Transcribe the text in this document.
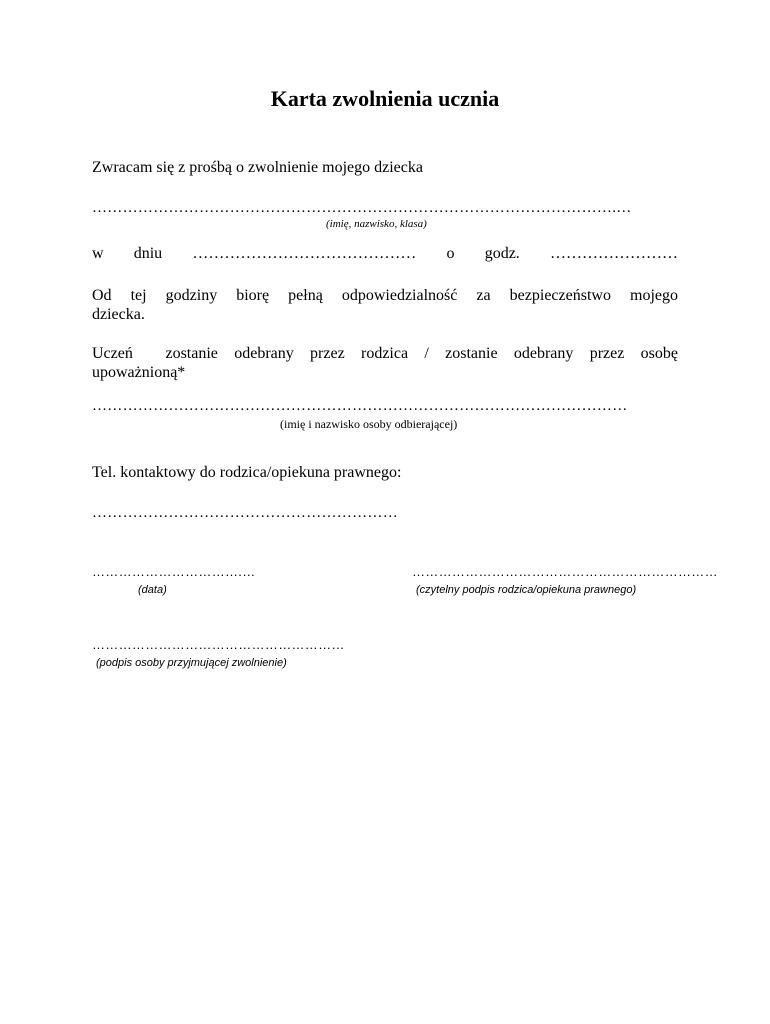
Karta zwolnienia ucznia
Zwracam się z prośbą o zwolnienie mojego dziecka
………………………………………………………………………………………….…
(imię, nazwisko, klasa)
w dniu …………………………………… o godz. ……………………
Od tej godziny biorę pełną odpowiedzialność za bezpieczeństwo mojego
dziecka.
Uczeń  zostanie odebrany przez rodzica / zostanie odebrany przez osobę
upoważnioną*
……………………………………………………………………………………………
(imię i nazwisko osoby odbierającej)
Tel. kontaktowy do rodzica/opiekuna prawnego:
……………………………………………………
…………………………….…
(data)
……………………………………………………………
(czytelny podpis rodzica/opiekuna prawnego)
…………………………………………………
(podpis osoby przyjmującej zwolnienie)
